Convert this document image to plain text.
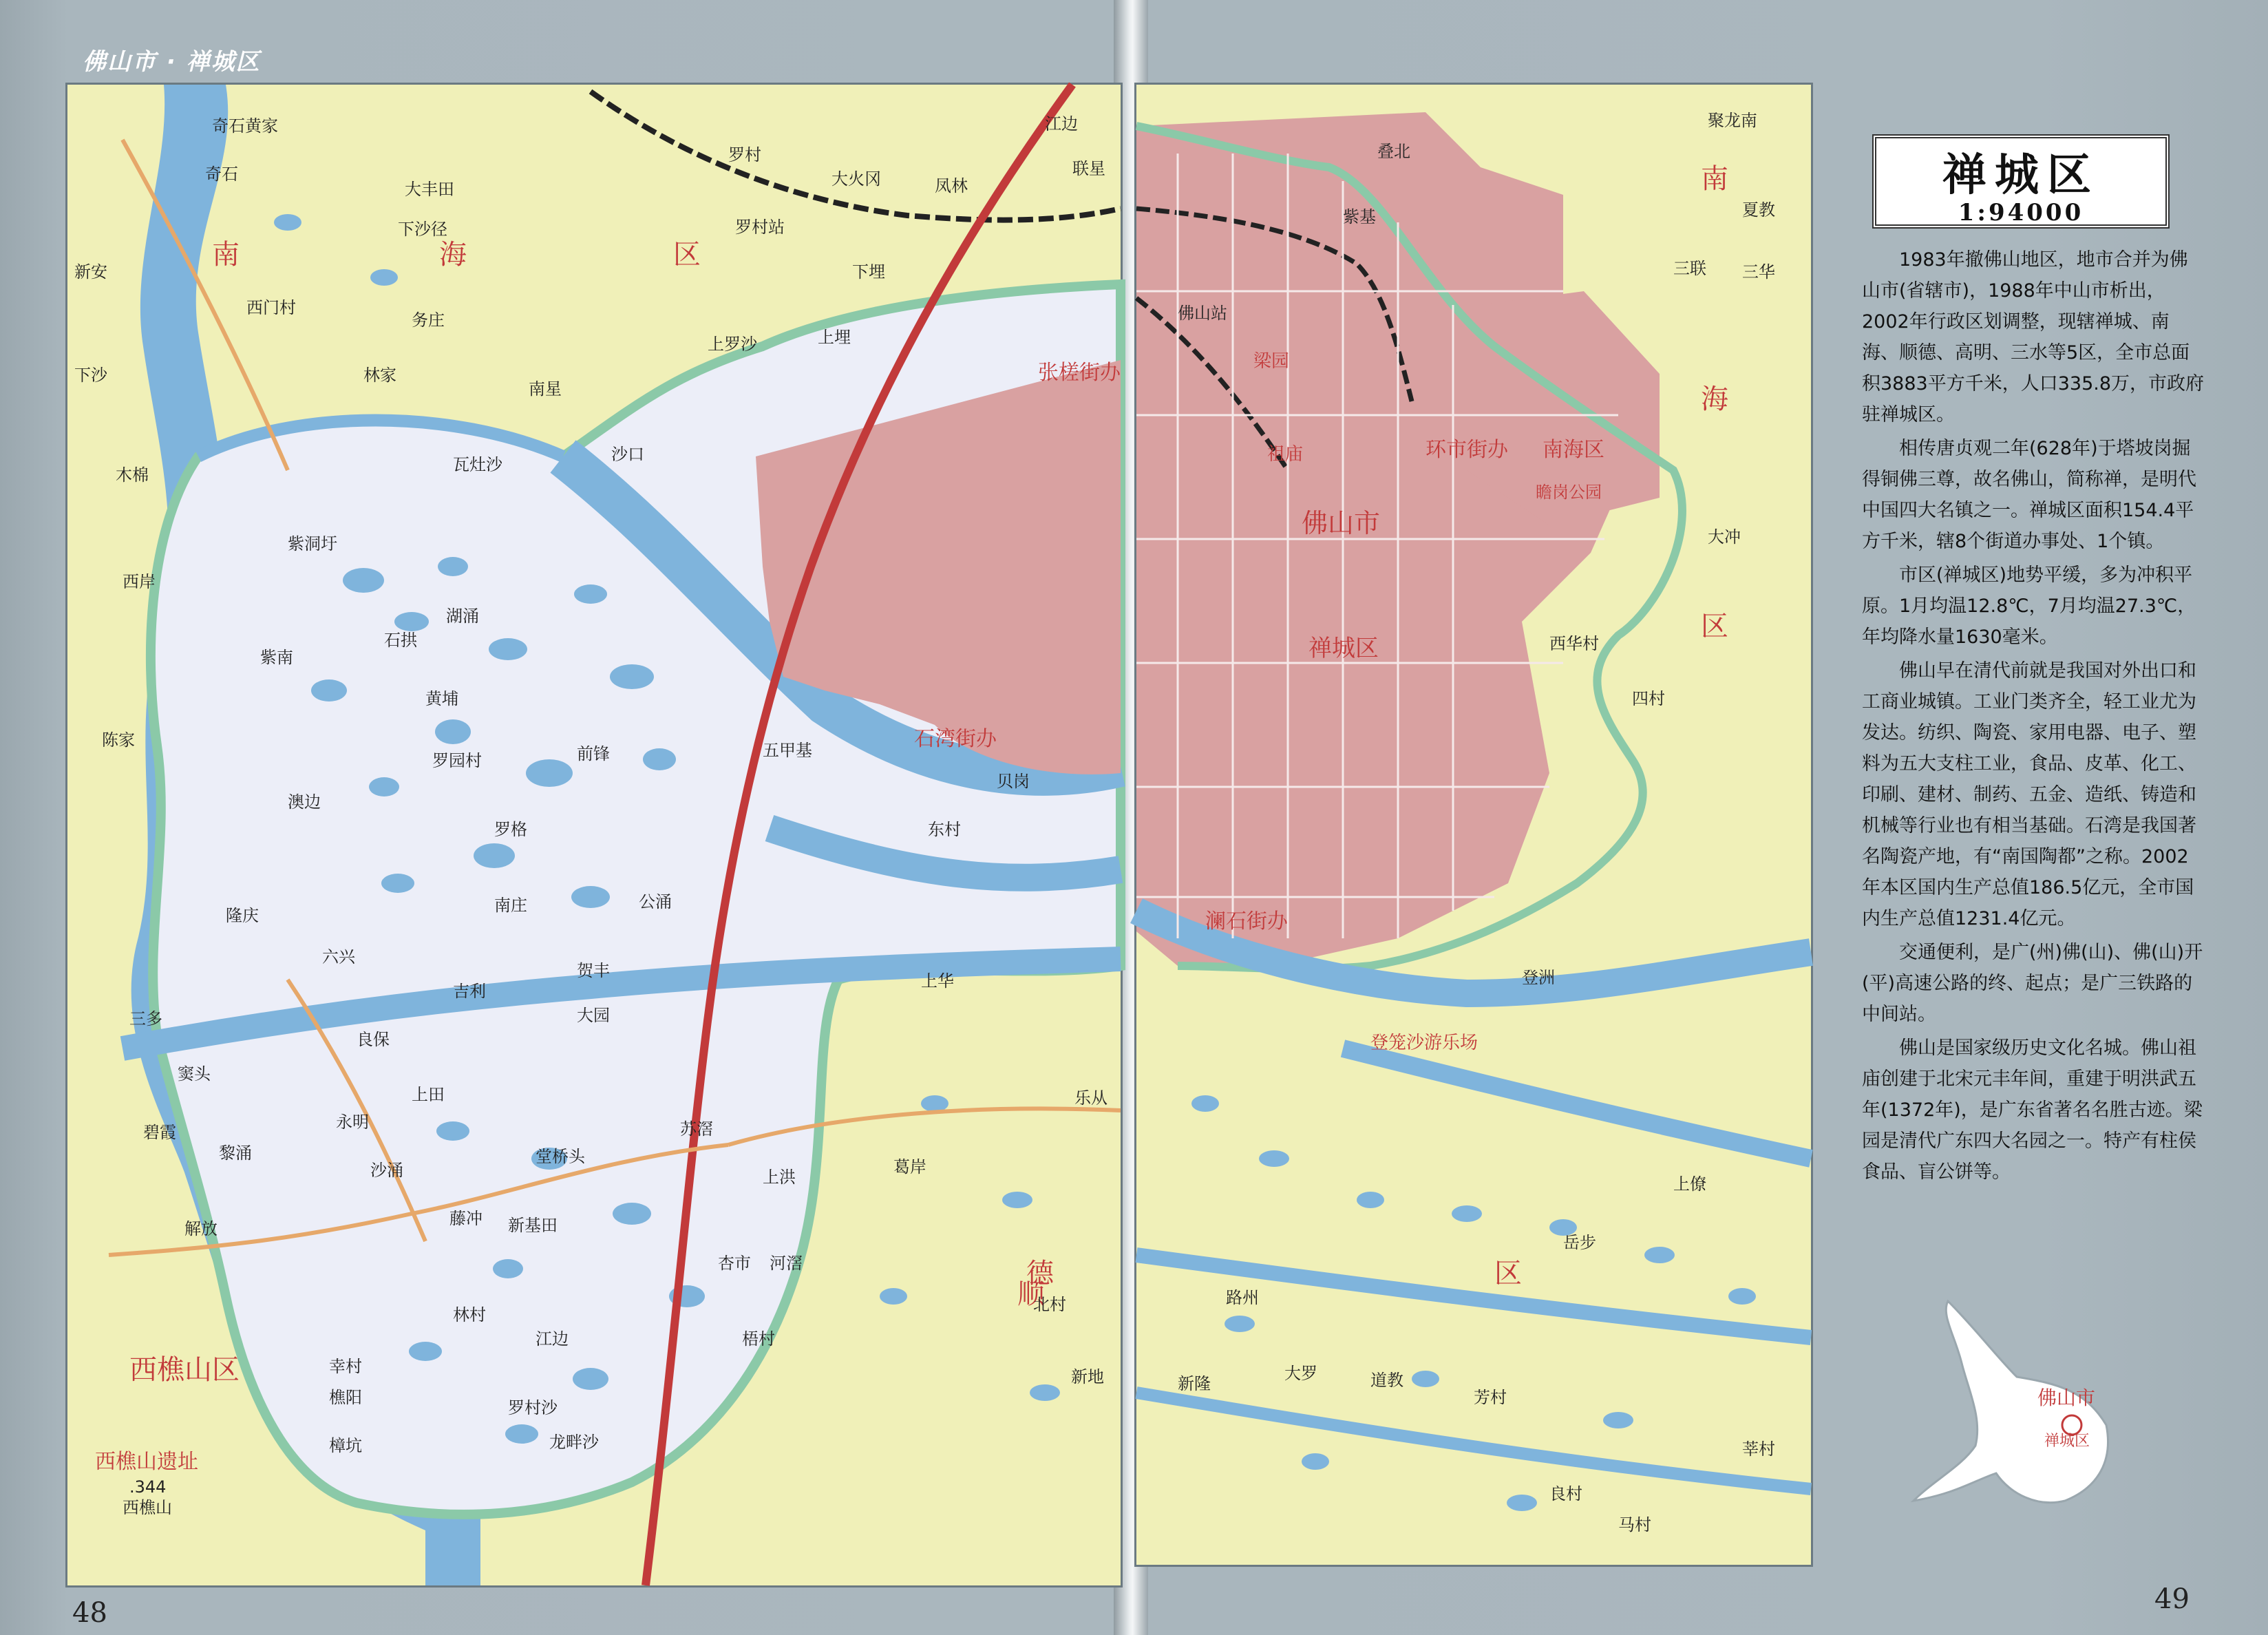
佛山市 · 禅城区
48	49
南	海	区
张槎街办
石湾街办
奇石黄家
奇石
大丰田
下沙径
新安
西门村
务庄
下沙	林家
南星
木棉
瓦灶沙
紫洞圩
西岸
石拱
湖涌
紫南
黄埔
陈家
罗园村	前锋
澳边
罗格
隆庆
南庄	公涌
六兴
吉利
贺丰
三多	大园
窦头
良保
碧霞
永明
上田
黎涌
沙涌
堂桥头
解放
藤冲 新基田
林村
江边
幸村
樵阳
罗村沙
樟坑	龙畔沙
罗村
罗村站
大火冈	凤林
江边
联星
下埋
上埋
上罗沙
沙口
五甲基
贝岗
东村
苏滘
上洪
杏市 河滘
梧村
上华
葛岸
西樵山区
西樵山遗址
.344
西樵山
顺
佛山市
禅城区
南海区
环市街办
澜石街办
南
海
区
德	区
聚龙南
叠北
夏教
紫基
三联 三华
佛山站
梁园
祖庙
瞻岗公园
大冲
西华村
四村
登洲
登笼沙游乐场
乐从
上僚
岳步
北村	路州
大罗	道教
新地	新隆
芳村
莘村
良村
马村
禅城区
1:94000

1983年撤佛山地区，地市合并为佛山市(省辖市)，1988年中山市析出，2002年行政区划调整，现辖禅城、南海、顺德、高明、三水等5区，全市总面积3883平方千米，人口335.8万，市政府驻禅城区。

相传唐贞观二年(628年)于塔坡岗掘得铜佛三尊，故名佛山，简称禅，是明代中国四大名镇之一。禅城区面积154.4平方千米，辖8个街道办事处、1个镇。

市区(禅城区)地势平缓，多为冲积平原。1月均温12.8℃，7月均温27.3℃，年均降水量1630毫米。

佛山早在清代前就是我国对外出口和工商业城镇。工业门类齐全，轻工业尤为发达。纺织、陶瓷、家用电器、电子、塑料为五大支柱工业，食品、皮革、化工、印刷、建材、制药、五金、造纸、铸造和机械等行业也有相当基础。石湾是我国著名陶瓷产地，有“南国陶都”之称。2002年本区国内生产总值186.5亿元，全市国内生产总值1231.4亿元。

交通便利，是广(州)佛(山)、佛(山)开(平)高速公路的终、起点；是广三铁路的中间站。

佛山是国家级历史文化名城。佛山祖庙创建于北宋元丰年间，重建于明洪武五年(1372年)，是广东省著名名胜古迹。梁园是清代广东四大名园之一。特产有柱侯食品、盲公饼等。

佛山市
禅城区
